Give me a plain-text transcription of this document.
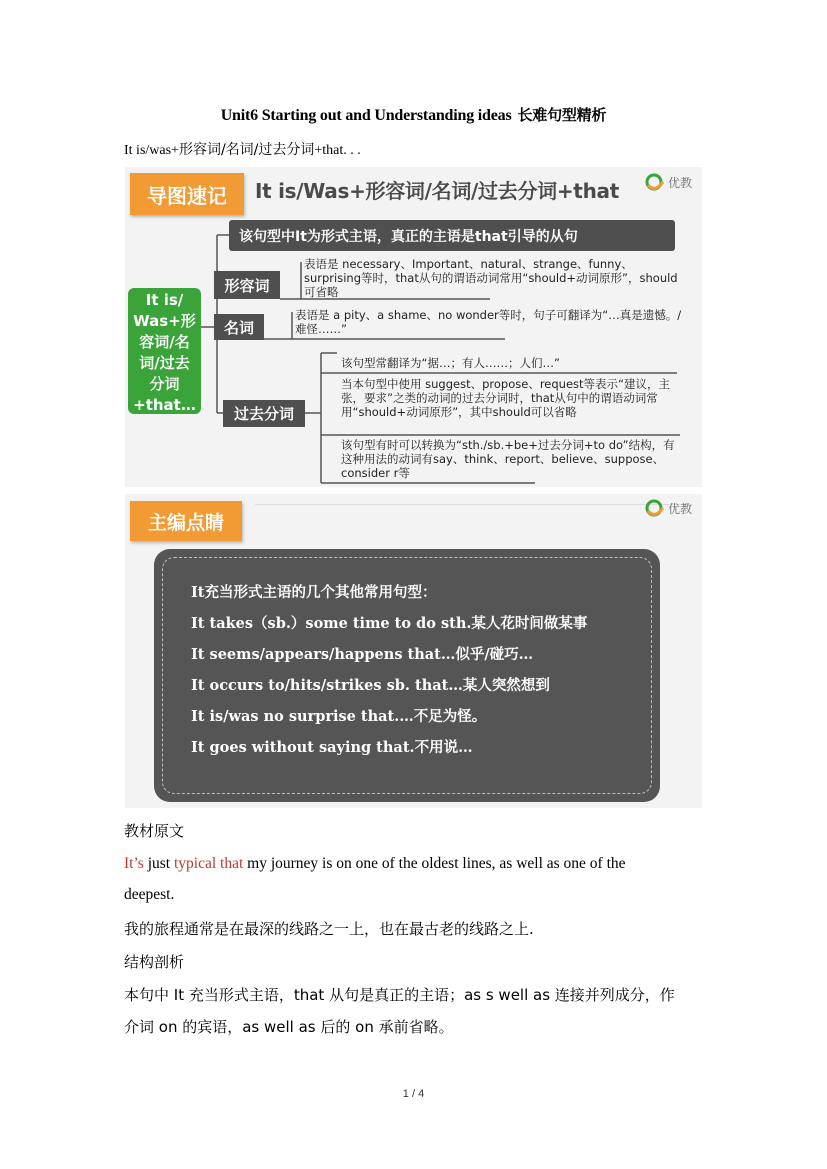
Unit6 Starting out and Understanding ideas 长难句型精析
It is/was+形容词/名词/过去分词+that. . .
导图速记	It is/Was+形容词/名词/过去分词+that	优教
It is/
Was+形
容词/名
词/过去
分词
+that…
该句型中It为形式主语，真正的主语是that引导的从句
形容词
表语是 necessary、Important、natural、strange、funny、surprising等时，that从句的谓语动词常用“should+动词原形”，should可省略
名词
表语是 a pity、a shame、no wonder等时，句子可翻译为“…真是遗憾。/难怪……”
过去分词
该句型常翻译为“据…；有人……；人们…”
当本句型中使用 suggest、propose、request等表示“建议，主张，要求”之类的动词的过去分词时，that从句中的谓语动词常用“should+动词原形”，其中should可以省略
该句型有时可以转换为“sth./sb.+be+过去分词+to do”结构，有这种用法的动词有say、think、report、believe、suppose、consider r等
主编点睛
优教
It充当形式主语的几个其他常用句型：
It takes（sb.）some time to do sth.某人花时间做某事
It seems/appears/happens that…似乎/碰巧…
It occurs to/hits/strikes sb. that…某人突然想到
It is/was no surprise that.…不足为怪。
It goes without saying that.不用说…
教材原文
It’s just typical that my journey is on one of the oldest lines, as well as one of the
deepest.
我的旅程通常是在最深的线路之一上，也在最古老的线路之上.
结构剖析
本句中 It 充当形式主语，that 从句是真正的主语；as s well as 连接并列成分，作
介词 on 的宾语，as well as 后的 on 承前省略。
1 / 4
